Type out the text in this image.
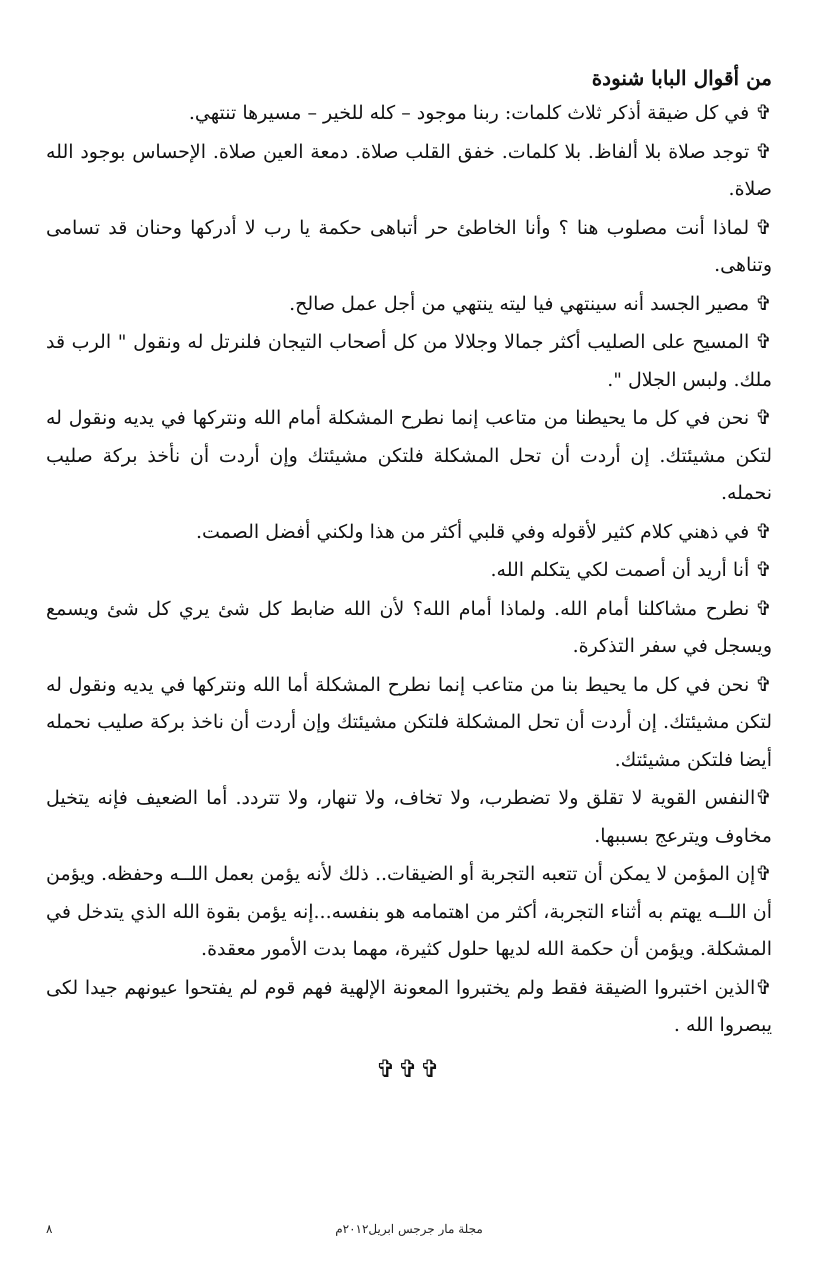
من أقوال البابا شنودة

✞في كل ضيقة أذكر ثلاث كلمات: ربنا موجود – كله للخير – مسيرها تنتهي.

✞توجد صلاة بلا ألفاظ. بلا كلمات. خفق القلب صلاة. دمعة العين صلاة. الإحساس بوجود الله صلاة.

✞لماذا أنت مصلوب هنا ؟ وأنا الخاطئ حر أتباهى حكمة يا رب لا أدركها وحنان قد تسامى وتناهى.

✞مصير الجسد أنه سينتهي فيا ليته ينتهي من أجل عمل صالح.

✞المسيح على الصليب أكثر جمالا وجلالا من كل أصحاب التيجان فلنرتل له ونقول " الرب قد ملك. ولبس الجلال ".

✞نحن في كل ما يحيطنا من متاعب إنما نطرح المشكلة أمام الله ونتركها في يديه ونقول له لتكن مشيئتك. إن أردت أن تحل المشكلة فلتكن مشيئتك وإن أردت أن نأخذ بركة صليب نحمله.

✞في ذهني كلام كثير لأقوله وفي قلبي أكثر من هذا ولكني أفضل الصمت.

✞أنا أريد أن أصمت لكي يتكلم الله.

✞نطرح مشاكلنا أمام الله. ولماذا أمام الله؟ لأن الله ضابط كل شئ يري كل شئ ويسمع ويسجل في سفر التذكرة.

✞نحن في كل ما يحيط بنا من متاعب إنما نطرح المشكلة أما الله ونتركها في يديه ونقول له لتكن مشيئتك. إن أردت أن تحل المشكلة فلتكن مشيئتك وإن أردت أن ناخذ بركة صليب نحمله أيضا فلتكن مشيئتك.

✞النفس القوية لا تقلق ولا تضطرب، ولا تخاف، ولا تنهار، ولا تتردد. أما الضعيف فإنه يتخيل مخاوف ويترعج بسببها.

✞إن المؤمن لا يمكن أن تتعبه التجربة أو الضيقات.. ذلك لأنه يؤمن بعمل اللــه وحفظه. ويؤمن أن اللــه يهتم به أثناء التجربة، أكثر من اهتمامه هو بنفسه...إنه يؤمن بقوة الله الذي يتدخل في المشكلة. ويؤمن أن حكمة الله لديها حلول كثيرة، مهما بدت الأمور معقدة.

✞الذين اختبروا الضيقة فقط ولم يختبروا المعونة الإلهية فهم قوم لم يفتحوا عيونهم جيدا لكى يبصروا الله .

✞✞✞
٨	مجلة مار جرجس ابريل٢٠١٢م
